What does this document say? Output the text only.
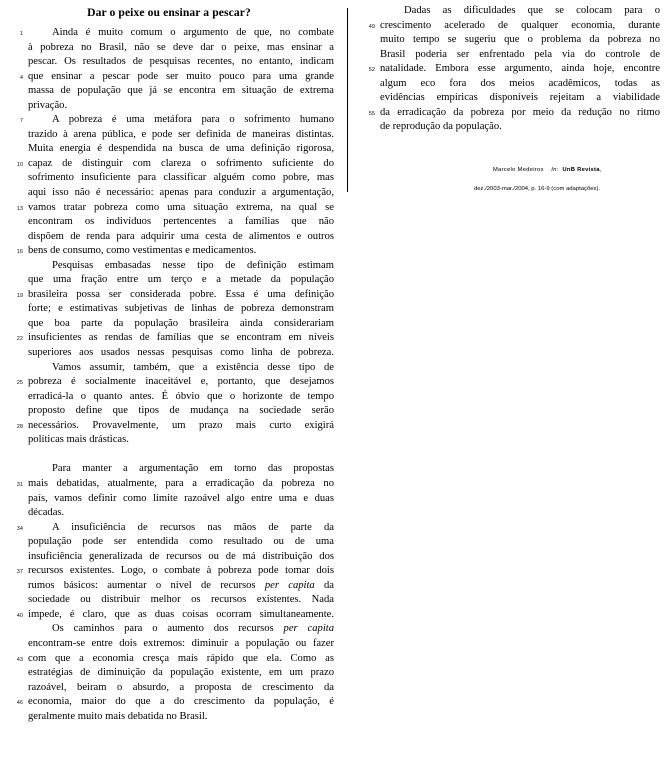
Dar o peixe ou ensinar a pescar?
1	Ainda é muito comum o argumento de que, no combate
à pobreza no Brasil, não se deve dar o peixe, mas ensinar a
pescar. Os resultados de pesquisas recentes, no entanto, indicam
4 que ensinar a pescar pode ser muito pouco para uma grande
massa de população que já se encontra em situação de extrema
privação.
7	A pobreza é uma metáfora para o sofrimento humano
trazido à arena pública, e pode ser definida de maneiras distintas.
Muita energia é despendida na busca de uma definição rigorosa,
10 capaz de distinguir com clareza o sofrimento suficiente do
sofrimento insuficiente para classificar alguém como pobre, mas
aqui isso não é necessário: apenas para conduzir a argumentação,
13 vamos tratar pobreza como uma situação extrema, na qual se
encontram os indivíduos pertencentes a famílias que não
dispõem de renda para adquirir uma cesta de alimentos e outros
16 bens de consumo, como vestimentas e medicamentos.
Pesquisas embasadas nesse tipo de definição estimam
que uma fração entre um terço e a metade da população
19 brasileira possa ser considerada pobre. Essa é uma definição
forte; e estimativas subjetivas de linhas de pobreza demonstram
que boa parte da população brasileira ainda considerariam
22 insuficientes as rendas de famílias que se encontram em níveis
superiores aos usados nessas pesquisas como linha de pobreza.
Vamos assumir, também, que a existência desse tipo de
25 pobreza é socialmente inaceitável e, portanto, que desejamos
erradicá-la o quanto antes. É óbvio que o horizonte de tempo
proposto define que tipos de mudança na sociedade serão
28 necessários. Provavelmente, um prazo mais curto exigirá
políticas mais drásticas.
Para manter a argumentação em torno das propostas
31 mais debatidas, atualmente, para a erradicação da pobreza no
país, vamos definir como limite razoável algo entre uma e duas
décadas.
34	A insuficiência de recursos nas mãos de parte da
população pode ser entendida como resultado ou de uma
insuficiência generalizada de recursos ou de má distribuição dos
37 recursos existentes. Logo, o combate à pobreza pode tomar dois
rumos básicos: aumentar o nível de recursos per capita da
sociedade ou distribuir melhor os recursos existentes. Nada
40 impede, é claro, que as duas coisas ocorram simultaneamente.
Os caminhos para o aumento dos recursos per capita
encontram-se entre dois extremos: diminuir a população ou fazer
43 com que a economia cresça mais rápido que ela. Como as
estratégias de diminuição da população existente, em um prazo
razoável, beiram o absurdo, a proposta de crescimento da
46 economia, maior do que a do crescimento da população, é
geralmente muito mais debatida no Brasil.
Dadas as dificuldades que se colocam para o
49 crescimento acelerado de qualquer economia, durante
muito tempo se sugeriu que o problema da pobreza no
Brasil poderia ser enfrentado pela via do controle de
52 natalidade. Embora esse argumento, ainda hoje, encontre
algum eco fora dos meios acadêmicos, todas as
evidências empíricas disponíveis rejeitam a viabilidade
55 da erradicação da pobreza por meio da redução no ritmo
de reprodução da população.

Marcelo Medeiros In:  UnB Revista,

dez./2003-mar./2004, p. 16-9 (com adaptações).
